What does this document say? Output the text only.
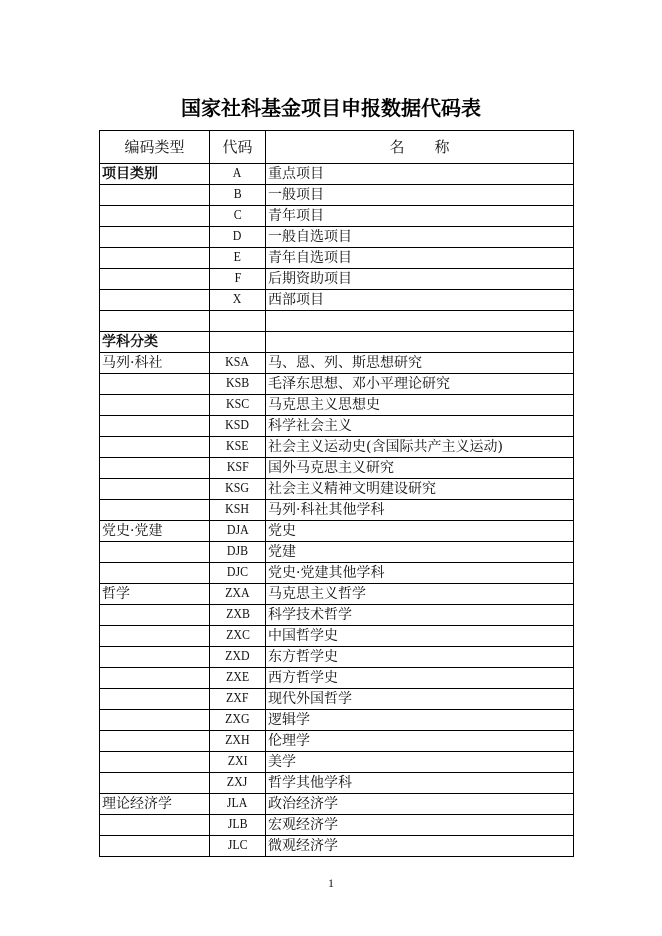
国家社科基金项目申报数据代码表
编码类型	代码	名　　称
项目类别	A	重点项目
	B	一般项目
	C	青年项目
	D	一般自选项目
	E	青年自选项目
	F	后期资助项目
	X	西部项目

学科分类		
马列·科社	KSA	马、恩、列、斯思想研究
	KSB	毛泽东思想、邓小平理论研究
	KSC	马克思主义思想史
	KSD	科学社会主义
	KSE	社会主义运动史(含国际共产主义运动)
	KSF	国外马克思主义研究
	KSG	社会主义精神文明建设研究
	KSH	马列·科社其他学科
党史·党建	DJA	党史
	DJB	党建
	DJC	党史·党建其他学科
哲学	ZXA	马克思主义哲学
	ZXB	科学技术哲学
	ZXC	中国哲学史
	ZXD	东方哲学史
	ZXE	西方哲学史
	ZXF	现代外国哲学
	ZXG	逻辑学
	ZXH	伦理学
	ZXI	美学
	ZXJ	哲学其他学科
理论经济学	JLA	政治经济学
	JLB	宏观经济学
	JLC	微观经济学
1
